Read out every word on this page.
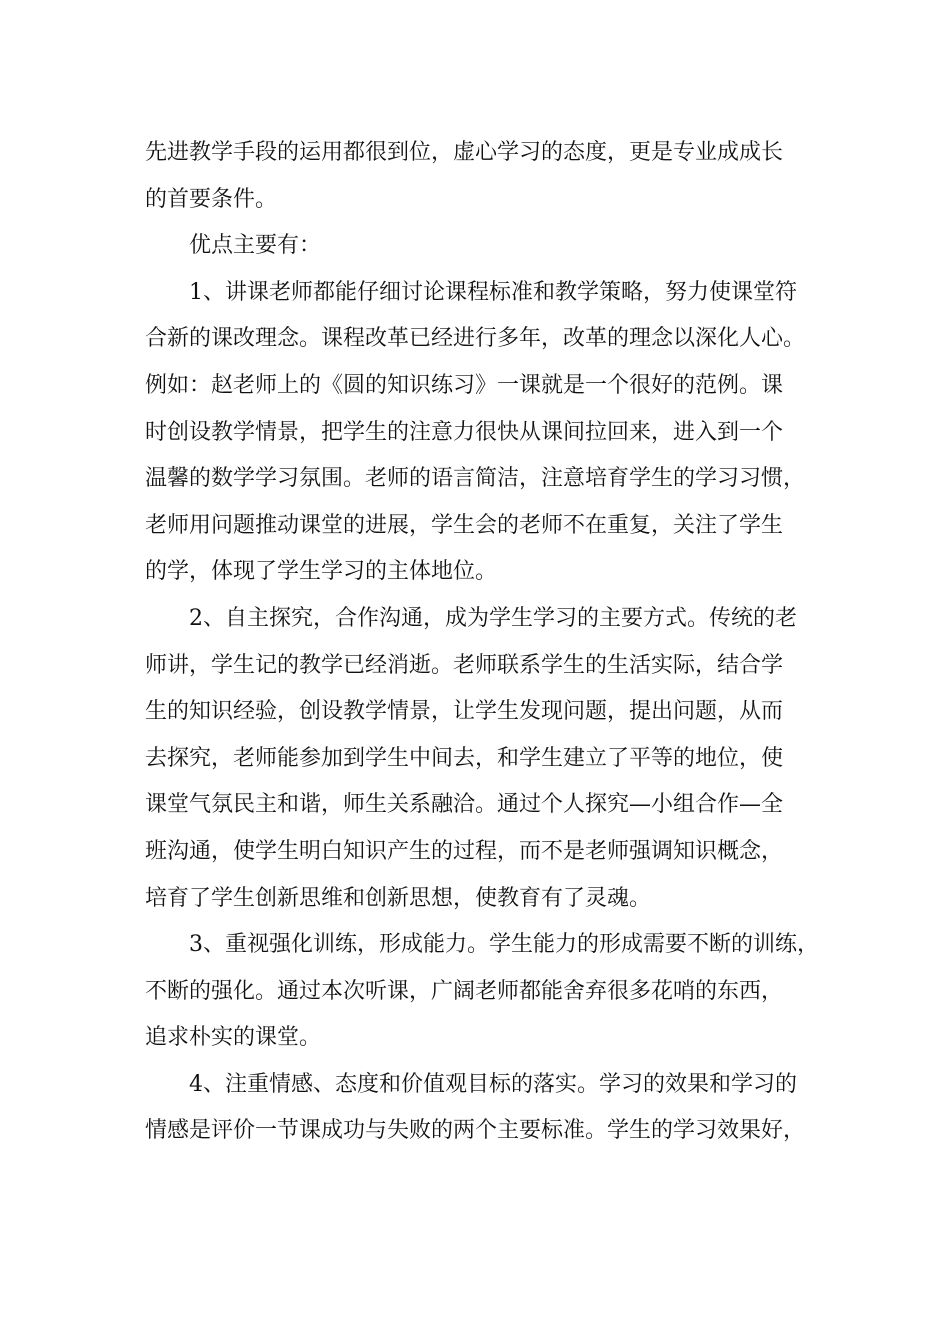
先进教学手段的运用都很到位，虚心学习的态度，更是专业成成长
的首要条件。

　　优点主要有：

　　1、讲课老师都能仔细讨论课程标准和教学策略，努力使课堂符
合新的课改理念。课程改革已经进行多年，改革的理念以深化人心。
例如：赵老师上的《圆的知识练习》一课就是一个很好的范例。课
时创设教学情景，把学生的注意力很快从课间拉回来，进入到一个
温馨的数学学习氛围。老师的语言简洁，注意培育学生的学习习惯，
老师用问题推动课堂的进展，学生会的老师不在重复，关注了学生
的学，体现了学生学习的主体地位。

　　2、自主探究，合作沟通，成为学生学习的主要方式。传统的老
师讲，学生记的教学已经消逝。老师联系学生的生活实际，结合学
生的知识经验，创设教学情景，让学生发现问题，提出问题，从而
去探究，老师能参加到学生中间去，和学生建立了平等的地位，使
课堂气氛民主和谐，师生关系融洽。通过个人探究—小组合作—全
班沟通，使学生明白知识产生的过程，而不是老师强调知识概念，
培育了学生创新思维和创新思想，使教育有了灵魂。

　　3、重视强化训练，形成能力。学生能力的形成需要不断的训练，
不断的强化。通过本次听课，广阔老师都能舍弃很多花哨的东西，
追求朴实的课堂。

　　4、注重情感、态度和价值观目标的落实。学习的效果和学习的
情感是评价一节课成功与失败的两个主要标准。学生的学习效果好，
